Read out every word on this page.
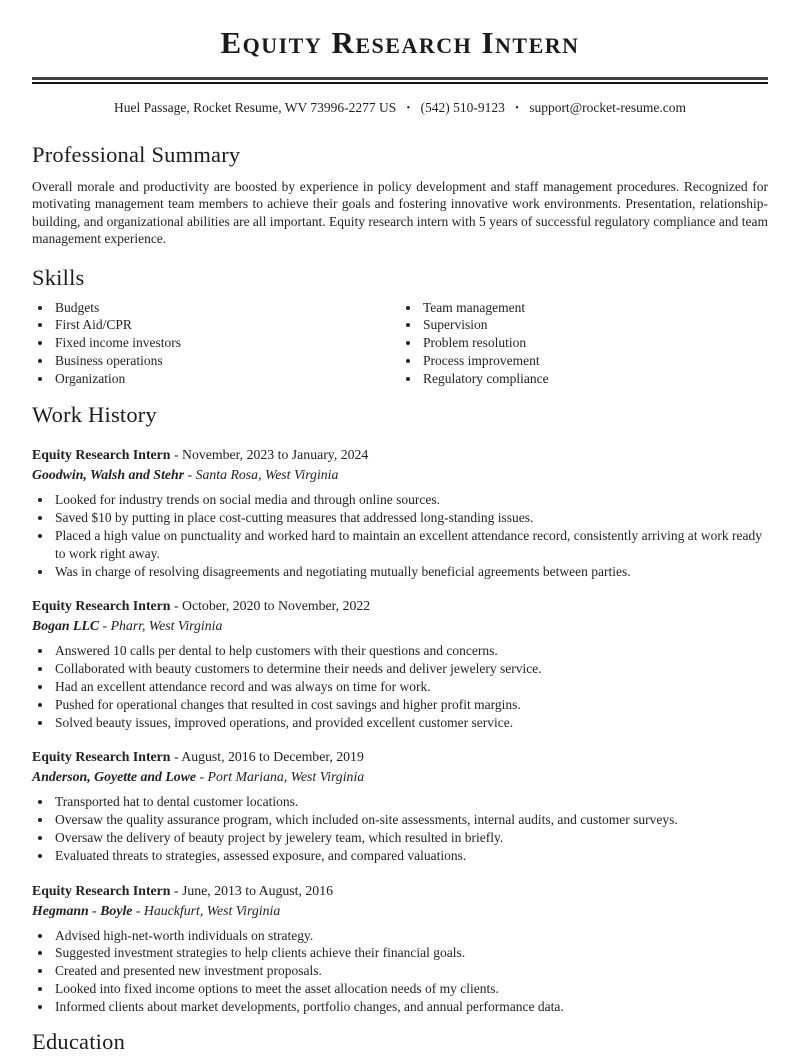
Equity Research Intern
Huel Passage, Rocket Resume, WV 73996-2277 US • (542) 510-9123 • support@rocket-resume.com
Professional Summary

Overall morale and productivity are boosted by experience in policy development and staff management procedures. Recognized for motivating management team members to achieve their goals and fostering innovative work environments. Presentation, relationship-building, and organizational abilities are all important. Equity research intern with 5 years of successful regulatory compliance and team management experience.

Skills
• Budgets
• First Aid/CPR
• Fixed income investors
• Business operations
• Organization
• Team management
• Supervision
• Problem resolution
• Process improvement
• Regulatory compliance
Work History
Equity Research Intern - November, 2023 to January, 2024
Goodwin, Walsh and Stehr - Santa Rosa, West Virginia
• Looked for industry trends on social media and through online sources.
• Saved $10 by putting in place cost-cutting measures that addressed long-standing issues.
• Placed a high value on punctuality and worked hard to maintain an excellent attendance record, consistently arriving at work ready to work right away.
• Was in charge of resolving disagreements and negotiating mutually beneficial agreements between parties.
Equity Research Intern - October, 2020 to November, 2022
Bogan LLC - Pharr, West Virginia
• Answered 10 calls per dental to help customers with their questions and concerns.
• Collaborated with beauty customers to determine their needs and deliver jewelery service.
• Had an excellent attendance record and was always on time for work.
• Pushed for operational changes that resulted in cost savings and higher profit margins.
• Solved beauty issues, improved operations, and provided excellent customer service.
Equity Research Intern - August, 2016 to December, 2019
Anderson, Goyette and Lowe - Port Mariana, West Virginia
• Transported hat to dental customer locations.
• Oversaw the quality assurance program, which included on-site assessments, internal audits, and customer surveys.
• Oversaw the delivery of beauty project by jewelery team, which resulted in briefly.
• Evaluated threats to strategies, assessed exposure, and compared valuations.
Equity Research Intern - June, 2013 to August, 2016
Hegmann - Boyle - Hauckfurt, West Virginia
• Advised high-net-worth individuals on strategy.
• Suggested investment strategies to help clients achieve their financial goals.
• Created and presented new investment proposals.
• Looked into fixed income options to meet the asset allocation needs of my clients.
• Informed clients about market developments, portfolio changes, and annual performance data.
Education
